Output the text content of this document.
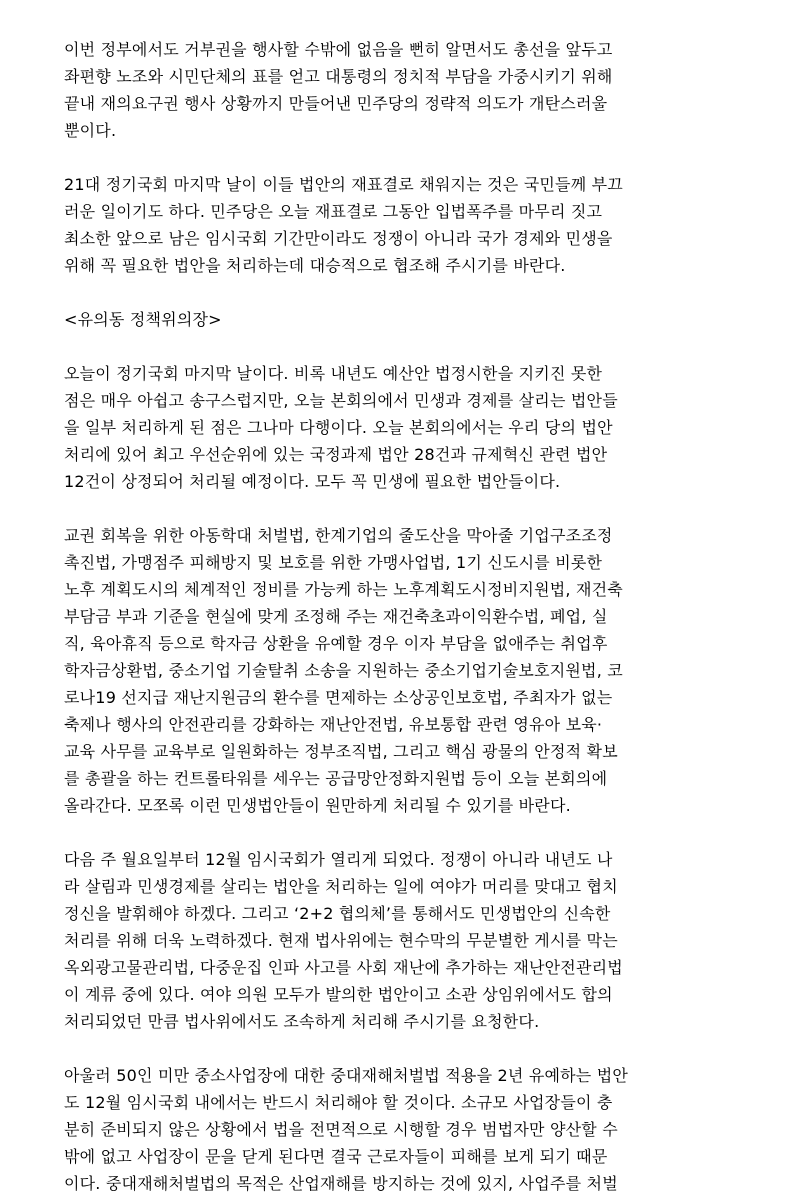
이번 정부에서도 거부권을 행사할 수밖에 없음을 뻔히 알면서도 총선을 앞두고
좌편향 노조와 시민단체의 표를 얻고 대통령의 정치적 부담을 가중시키기 위해
끝내 재의요구권 행사 상황까지 만들어낸 민주당의 정략적 의도가 개탄스러울
뿐이다.

21대 정기국회 마지막 날이 이들 법안의 재표결로 채워지는 것은 국민들께 부끄
러운 일이기도 하다. 민주당은 오늘 재표결로 그동안 입법폭주를 마무리 짓고
최소한 앞으로 남은 임시국회 기간만이라도 정쟁이 아니라 국가 경제와 민생을
위해 꼭 필요한 법안을 처리하는데 대승적으로 협조해 주시기를 바란다.

<유의동 정책위의장>

오늘이 정기국회 마지막 날이다. 비록 내년도 예산안 법정시한을 지키진 못한
점은 매우 아쉽고 송구스럽지만, 오늘 본회의에서 민생과 경제를 살리는 법안들
을 일부 처리하게 된 점은 그나마 다행이다. 오늘 본회의에서는 우리 당의 법안
처리에 있어 최고 우선순위에 있는 국정과제 법안 28건과 규제혁신 관련 법안
12건이 상정되어 처리될 예정이다. 모두 꼭 민생에 필요한 법안들이다.

교권 회복을 위한 아동학대 처벌법, 한계기업의 줄도산을 막아줄 기업구조조정
촉진법, 가맹점주 피해방지 및 보호를 위한 가맹사업법, 1기 신도시를 비롯한
노후 계획도시의 체계적인 정비를 가능케 하는 노후계획도시정비지원법, 재건축
부담금 부과 기준을 현실에 맞게 조정해 주는 재건축초과이익환수법, 폐업, 실
직, 육아휴직 등으로 학자금 상환을 유예할 경우 이자 부담을 없애주는 취업후
학자금상환법, 중소기업 기술탈취 소송을 지원하는 중소기업기술보호지원법, 코
로나19 선지급 재난지원금의 환수를 면제하는 소상공인보호법, 주최자가 없는
축제나 행사의 안전관리를 강화하는 재난안전법, 유보통합 관련 영유아 보육·
교육 사무를 교육부로 일원화하는 정부조직법, 그리고 핵심 광물의 안정적 확보
를 총괄을 하는 컨트롤타워를 세우는 공급망안정화지원법 등이 오늘 본회의에
올라간다. 모쪼록 이런 민생법안들이 원만하게 처리될 수 있기를 바란다.

다음 주 월요일부터 12월 임시국회가 열리게 되었다. 정쟁이 아니라 내년도 나
라 살림과 민생경제를 살리는 법안을 처리하는 일에 여야가 머리를 맞대고 협치
정신을 발휘해야 하겠다. 그리고 ‘2+2 협의체’를 통해서도 민생법안의 신속한
처리를 위해 더욱 노력하겠다. 현재 법사위에는 현수막의 무분별한 게시를 막는
옥외광고물관리법, 다중운집 인파 사고를 사회 재난에 추가하는 재난안전관리법
이 계류 중에 있다. 여야 의원 모두가 발의한 법안이고 소관 상임위에서도 합의
처리되었던 만큼 법사위에서도 조속하게 처리해 주시기를 요청한다.

아울러 50인 미만 중소사업장에 대한 중대재해처벌법 적용을 2년 유예하는 법안
도 12월 임시국회 내에서는 반드시 처리해야 할 것이다. 소규모 사업장들이 충
분히 준비되지 않은 상황에서 법을 전면적으로 시행할 경우 범법자만 양산할 수
밖에 없고 사업장이 문을 닫게 된다면 결국 근로자들이 피해를 보게 되기 때문
이다. 중대재해처벌법의 목적은 산업재해를 방지하는 것에 있지, 사업주를 처벌
